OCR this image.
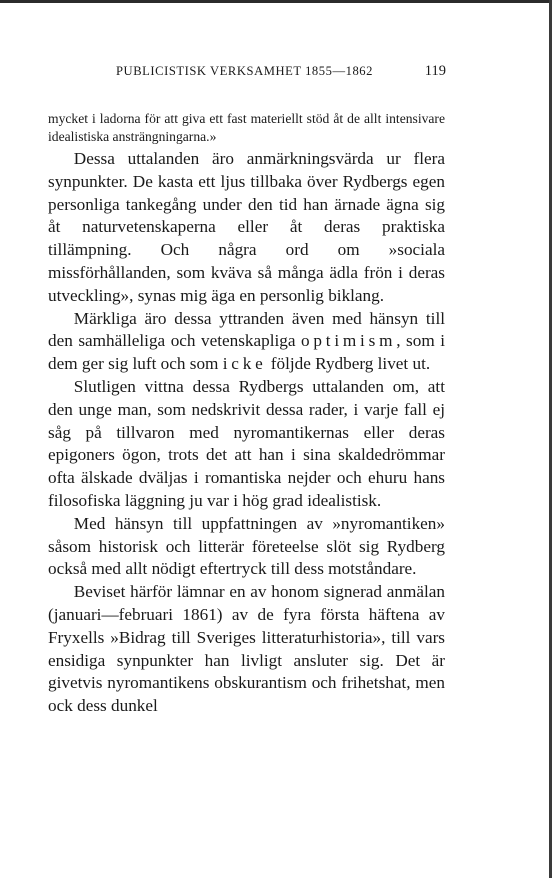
PUBLICISTISK VERKSAMHET 1855—1862	119

mycket i ladorna för att giva ett fast materiellt stöd åt de allt intensivare idealistiska ansträngningarna.»

Dessa uttalanden äro anmärkningsvärda ur flera synpunkter. De kasta ett ljus tillbaka över Rydbergs egen personliga tankegång under den tid han ärnade ägna sig åt naturvetenskaperna eller åt deras praktiska tillämpning. Och några ord om »sociala missförhållanden, som kväva så många ädla frön i deras utveckling», synas mig äga en personlig biklang.

Märkliga äro dessa yttranden även med hänsyn till den samhälleliga och vetenskapliga optimism, som i dem ger sig luft och som icke följde Rydberg livet ut.

Slutligen vittna dessa Rydbergs uttalanden om, att den unge man, som nedskrivit dessa rader, i varje fall ej såg på tillvaron med nyromantikernas eller deras epigoners ögon, trots det att han i sina skaldedrömmar ofta älskade dväljas i romantiska nejder och ehuru hans filosofiska läggning ju var i hög grad idealistisk.

Med hänsyn till uppfattningen av »nyromantiken» såsom historisk och litterär företeelse slöt sig Rydberg också med allt nödigt eftertryck till dess motståndare.

Beviset härför lämnar en av honom signerad anmälan (januari—februari 1861) av de fyra första häftena av Fryxells »Bidrag till Sveriges litteraturhistoria», till vars ensidiga synpunkter han livligt ansluter sig. Det är givetvis nyromantikens obskurantism och frihetshat, men ock dess dunkel
